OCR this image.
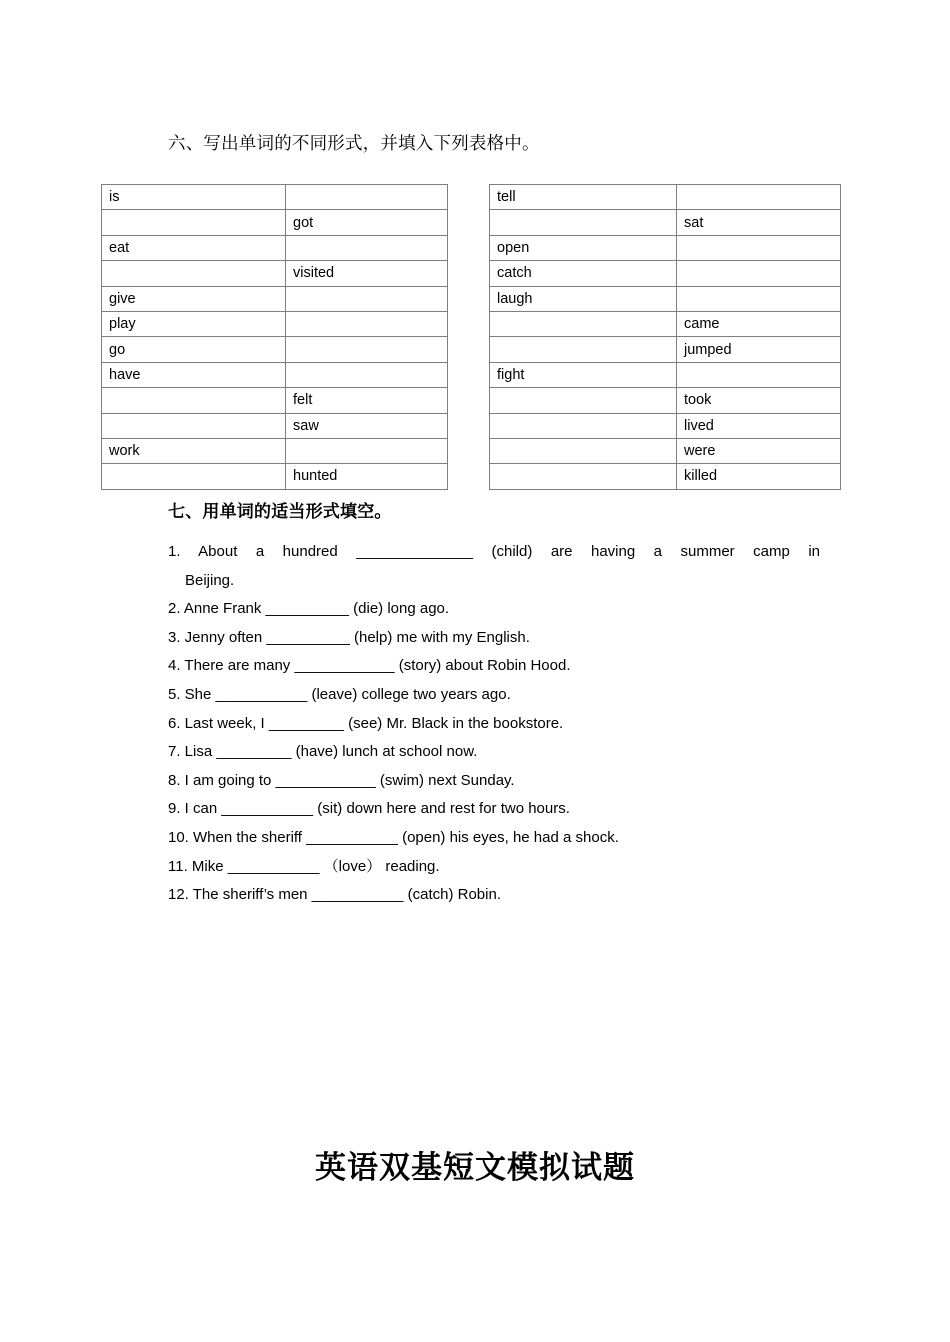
六、写出单词的不同形式，并填入下列表格中。
is	
	got
eat	
	visited
give	
play	
go	
have	
	felt
	saw
work	
	hunted
tell	
	sat
open	
catch	
laugh	
	came
	jumped
fight	
	took
	lived
	were
	killed
七、用单词的适当形式填空。
1. About a hundred ______________ (child) are having a summer camp in
Beijing.
2. Anne Frank __________ (die) long ago.
3. Jenny often __________ (help) me with my English.
4. There are many ____________ (story) about Robin Hood.
5. She ___________ (leave) college two years ago.
6. Last week, I _________ (see) Mr. Black in the bookstore.
7. Lisa _________ (have) lunch at school now.
8. I am going to ____________ (swim) next Sunday.
9. I can ___________ (sit) down here and rest for two hours.
10. When the sheriff ___________ (open) his eyes, he had a shock.
11. Mike ___________ （love） reading.
12. The sheriff’s men ___________ (catch) Robin.
英语双基短文模拟试题
